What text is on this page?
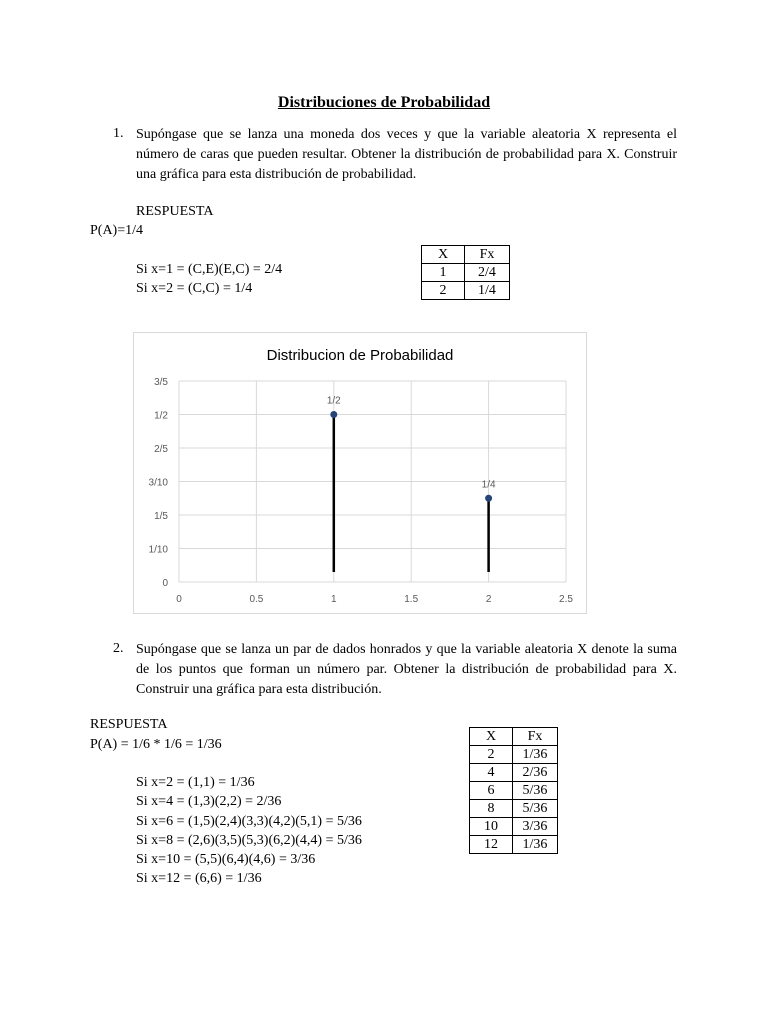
Distribuciones de Probabilidad
1. Supóngase que se lanza una moneda dos veces y que la variable aleatoria X representa el número de caras que pueden resultar. Obtener la distribución de probabilidad para X. Construir una gráfica para esta distribución de probabilidad.

RESPUESTA
P(A)=1/4
Si x=1 = (C,E)(E,C) = 2/4
Si x=2 = (C,C) = 1/4
X	Fx
1	2/4
2	1/4
Distribucion de Probabilidad
0	0.5	1	1.5	2	2.5
0
1/10
1/5
3/10
2/5
1/2
3/5
1/2
1/4
2. Supóngase que se lanza un par de dados honrados y que la variable aleatoria X denote la suma de los puntos que forman un número par. Obtener la distribución de probabilidad para X. Construir una gráfica para esta distribución.

RESPUESTA
P(A) = 1/6 * 1/6 = 1/36
Si x=2 = (1,1) = 1/36
Si x=4 = (1,3)(2,2) = 2/36
Si x=6 = (1,5)(2,4)(3,3)(4,2)(5,1) = 5/36
Si x=8 = (2,6)(3,5)(5,3)(6,2)(4,4) = 5/36
Si x=10 = (5,5)(6,4)(4,6) = 3/36
Si x=12 = (6,6) = 1/36
X	Fx
2	1/36
4	2/36
6	5/36
8	5/36
10	3/36
12	1/36
